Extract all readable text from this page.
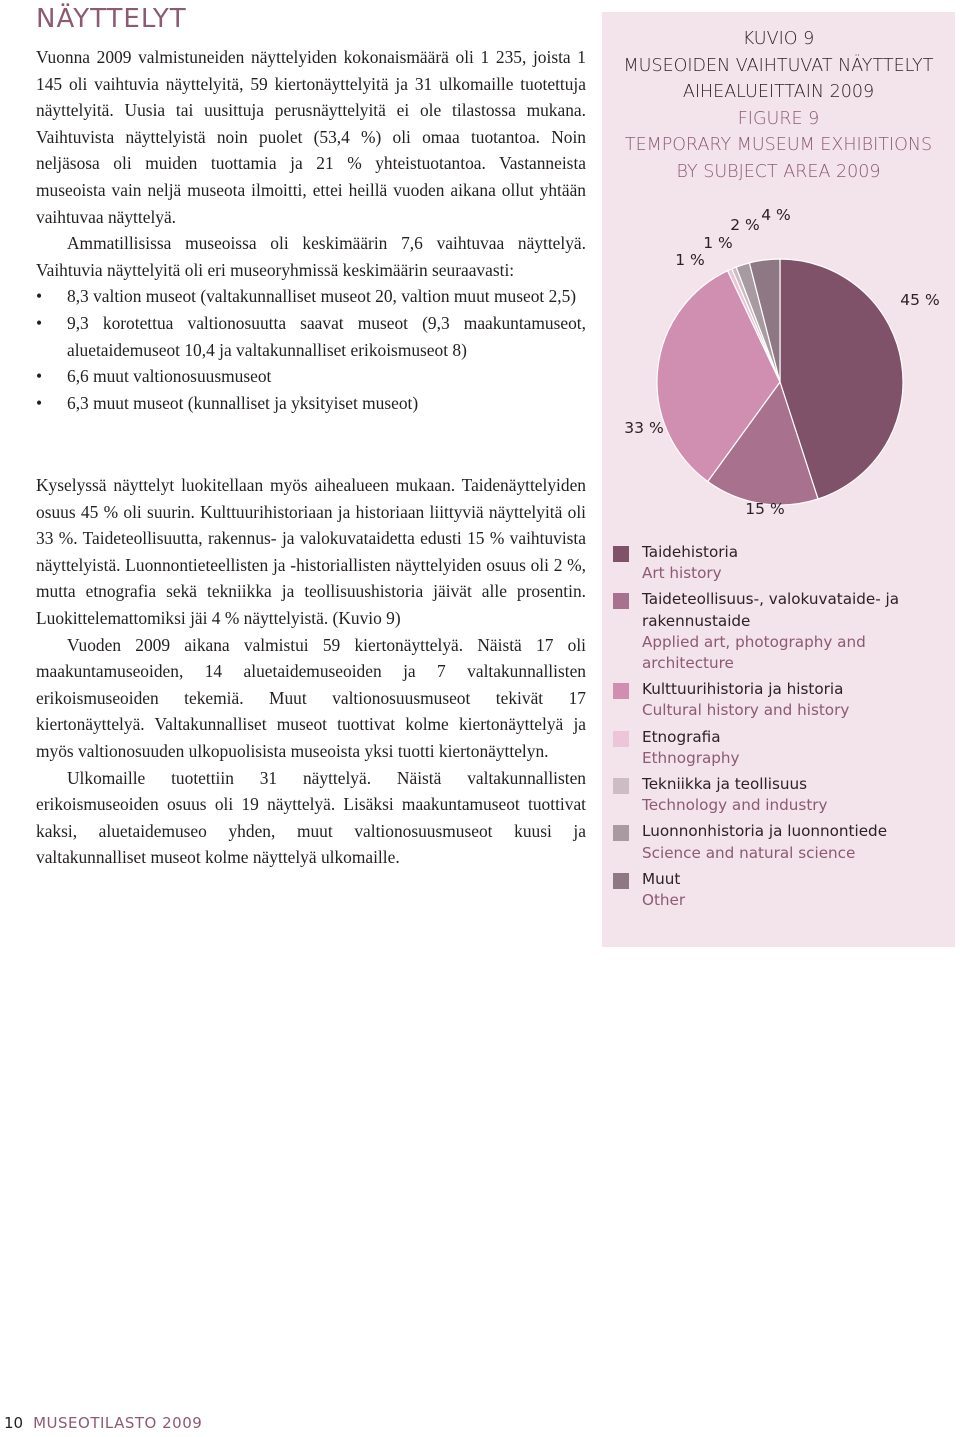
NÄYTTELYT

Vuonna 2009 valmistuneiden näyttelyiden kokonaismäärä oli 1 235, joista 1 145 oli vaihtuvia näyttelyitä, 59 kiertonäyttelyitä ja 31 ulkomaille tuotettuja näyttelyitä. Uusia tai uusittuja perusnäyttelyitä ei ole tilastossa mukana. Vaihtuvista näyttelyistä noin puolet (53,4 %) oli omaa tuotantoa. Noin neljäsosa oli muiden tuottamia ja 21 % yhteistuotantoa. Vastanneista museoista vain neljä museota ilmoitti, ettei heillä vuoden aikana ollut yhtään vaihtuvaa näyttelyä.

Ammatillisissa museoissa oli keskimäärin 7,6 vaihtuvaa näyttelyä. Vaihtuvia näyttelyitä oli eri museoryhmissä keskimäärin seuraavasti:

• 8,3 valtion museot (valtakunnalliset museot 20, valtion muut museot 2,5)
• 9,3 korotettua valtionosuutta saavat museot (9,3 maakuntamuseot, aluetaidemuseot 10,4 ja valtakunnalliset erikoismuseot 8)
• 6,6 muut valtionosuusmuseot
• 6,3 muut museot (kunnalliset ja yksityiset museot)

Kyselyssä näyttelyt luokitellaan myös aihealueen mukaan. Taidenäyttelyiden osuus 45 % oli suurin. Kulttuurihistoriaan ja historiaan liittyviä näyttelyitä oli 33 %. Taideteollisuutta, rakennus- ja valokuvataidetta edusti 15 % vaihtuvista näyttelyistä. Luonnontieteellisten ja -historiallisten näyttelyiden osuus oli 2 %, mutta etnografia sekä tekniikka ja teollisuushistoria jäivät alle prosentin. Luokittelemattomiksi jäi 4 % näyttelyistä. (Kuvio 9)

Vuoden 2009 aikana valmistui 59 kiertonäyttelyä. Näistä 17 oli maakuntamuseoiden, 14 aluetaidemuseoiden ja 7 valtakunnallisten erikoismuseoiden tekemiä. Muut valtionosuusmuseot tekivät 17 kiertonäyttelyä. Valtakunnalliset museot tuottivat kolme kiertonäyttelyä ja myös valtionosuuden ulkopuolisista museoista yksi tuotti kiertonäyttelyn.

Ulkomaille tuotettiin 31 näyttelyä. Näistä valtakunnallisten erikoismuseoiden osuus oli 19 näyttelyä. Lisäksi maakuntamuseot tuottivat kaksi, aluetaidemuseo yhden, muut valtionosuusmuseot kuusi ja valtakunnalliset museot kolme näyttelyä ulkomaille.

KUVIO 9
MUSEOIDEN VAIHTUVAT NÄYTTELYT
AIHEALUEITTAIN 2009
FIGURE 9
TEMPORARY MUSEUM EXHIBITIONS
BY SUBJECT AREA 2009
45 %
15 %
33 %
1 %
1 %
2 %
4 %
Taidehistoria
Art history
Taideteollisuus-, valokuvataide- ja rakennustaide
Applied art, photography and architecture
Kulttuurihistoria ja historia
Cultural history and history
Etnografia
Ethnography
Tekniikka ja teollisuus
Technology and industry
Luonnonhistoria ja luonnontiede
Science and natural science
Muut
Other
10 MUSEOTILASTO 2009
